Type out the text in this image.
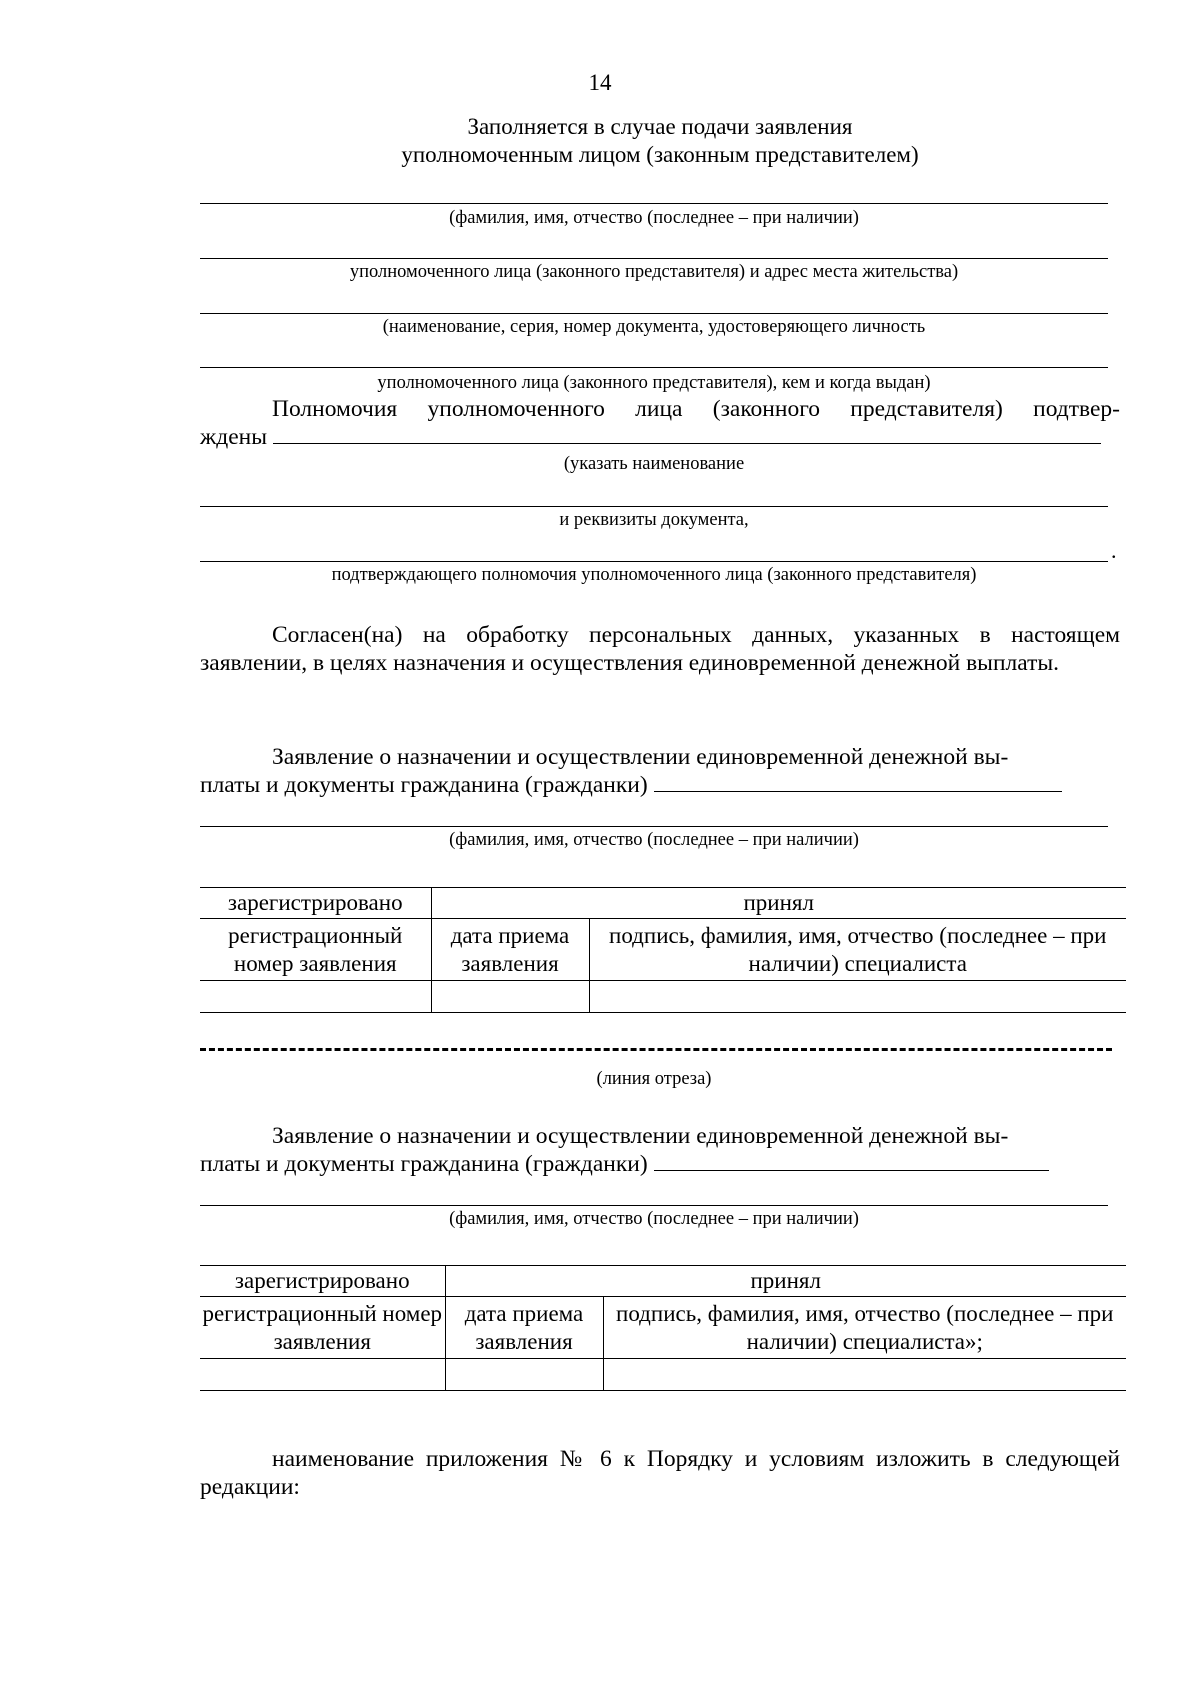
14
Заполняется в случае подачи заявления
уполномоченным лицом (законным представителем)
(фамилия, имя, отчество (последнее – при наличии)
уполномоченного лица (законного представителя) и адрес места жительства)
(наименование, серия, номер документа, удостоверяющего личность
уполномоченного лица (законного представителя), кем и когда выдан)
Полномочия уполномоченного лица (законного представителя) подтвер-
ждены
(указать наименование
и реквизиты документа,
.
подтверждающего полномочия уполномоченного лица (законного представителя)
Согласен(на) на обработку персональных данных, указанных в настоящем заявлении, в целях назначения и осуществления единовременной денежной выплаты.
Заявление о назначении и осуществлении единовременной денежной вы-
платы и документы гражданина (гражданки)
(фамилия, имя, отчество (последнее – при наличии)
зарегистрировано	принял	
регистрационный номер заявления	дата приема заявления	подпись, фамилия, имя, отчество (последнее – при наличии) специалиста

(линия отреза)
Заявление о назначении и осуществлении единовременной денежной вы-
платы и документы гражданина (гражданки)
(фамилия, имя, отчество (последнее – при наличии)
зарегистрировано	принял	
регистрационный номер заявления	дата приема заявления	подпись, фамилия, имя, отчество (последнее – при наличии) специалиста»;

наименование приложения № 6 к Порядку и условиям изложить в следующей редакции:
